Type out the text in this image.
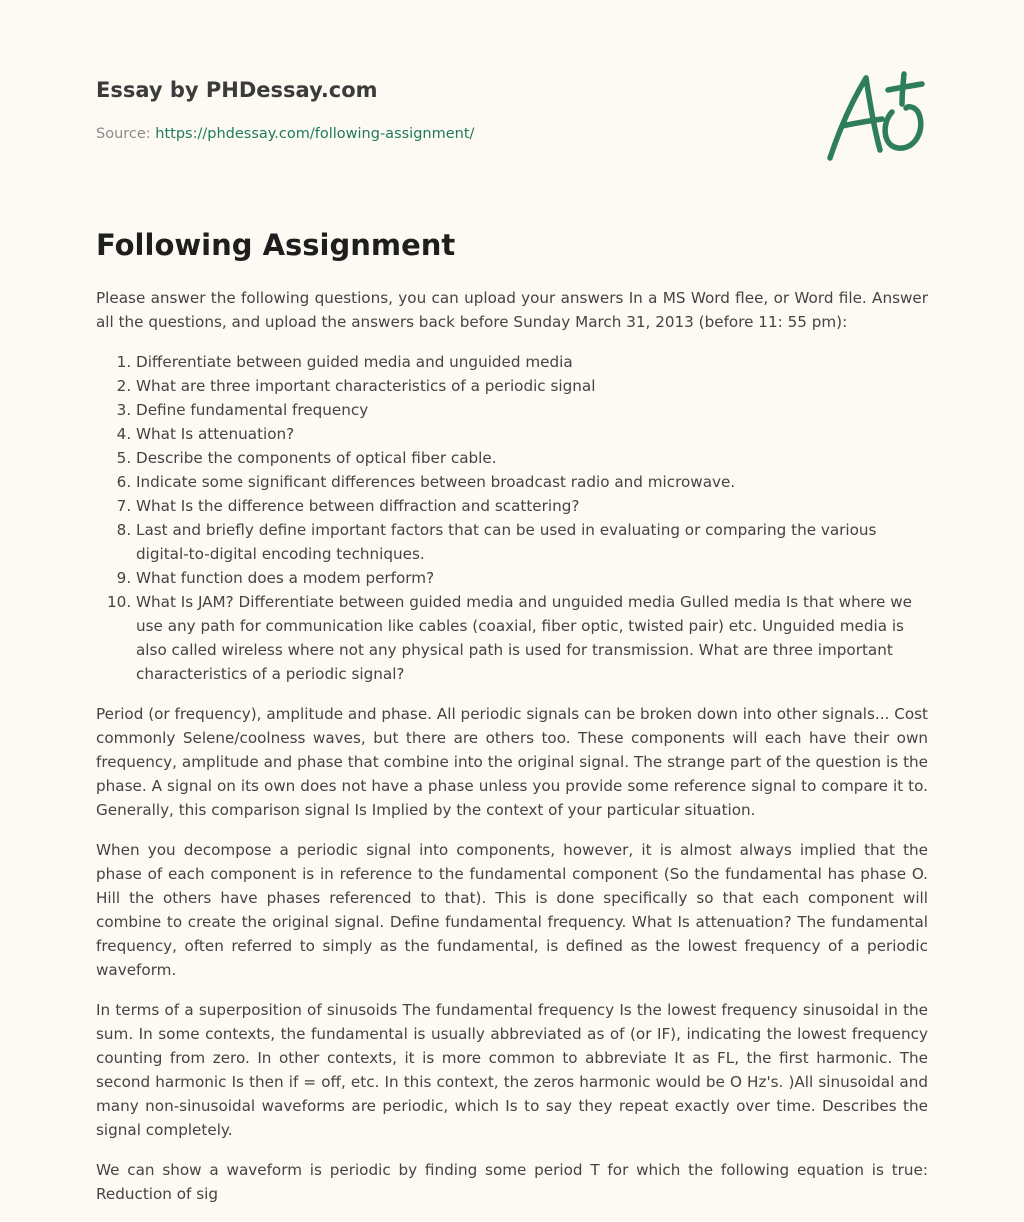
Essay by PHDessay.com
Source: https://phdessay.com/following-assignment/
Following Assignment

Please answer the following questions, you can upload your answers In a MS Word flee, or Word file. Answer all the questions, and upload the answers back before Sunday March 31, 2013 (before 11: 55 pm):

1. Differentiate between guided media and unguided media
2. What are three important characteristics of a periodic signal
3. Define fundamental frequency
4. What Is attenuation?
5. Describe the components of optical fiber cable.
6. Indicate some significant differences between broadcast radio and microwave.
7. What Is the difference between diffraction and scattering?
8. Last and briefly define important factors that can be used in evaluating or comparing the various digital-to-digital encoding techniques.
9. What function does a modem perform?
10. What Is JAM? Differentiate between guided media and unguided media Gulled media Is that where we use any path for communication like cables (coaxial, fiber optic, twisted pair) etc. Unguided media is also called wireless where not any physical path is used for transmission. What are three important characteristics of a periodic signal?

Period (or frequency), amplitude and phase. All periodic signals can be broken down into other signals... Cost commonly Selene/coolness waves, but there are others too. These components will each have their own frequency, amplitude and phase that combine into the original signal. The strange part of the question is the phase. A signal on its own does not have a phase unless you provide some reference signal to compare it to. Generally, this comparison signal Is Implied by the context of your particular situation.

When you decompose a periodic signal into components, however, it is almost always implied that the phase of each component is in reference to the fundamental component (So the fundamental has phase O. Hill the others have phases referenced to that). This is done specifically so that each component will combine to create the original signal. Define fundamental frequency. What Is attenuation? The fundamental frequency, often referred to simply as the fundamental, is defined as the lowest frequency of a periodic waveform.

In terms of a superposition of sinusoids The fundamental frequency Is the lowest frequency sinusoidal in the sum. In some contexts, the fundamental is usually abbreviated as of (or IF), indicating the lowest frequency counting from zero. In other contexts, it is more common to abbreviate It as FL, the first harmonic. The second harmonic Is then if = off, etc. In this context, the zeros harmonic would be O Hz's. )All sinusoidal and many non-sinusoidal waveforms are periodic, which Is to say they repeat exactly over time. Describes the signal completely.

We can show a waveform is periodic by finding some period T for which the following equation is true: Reduction of sig
